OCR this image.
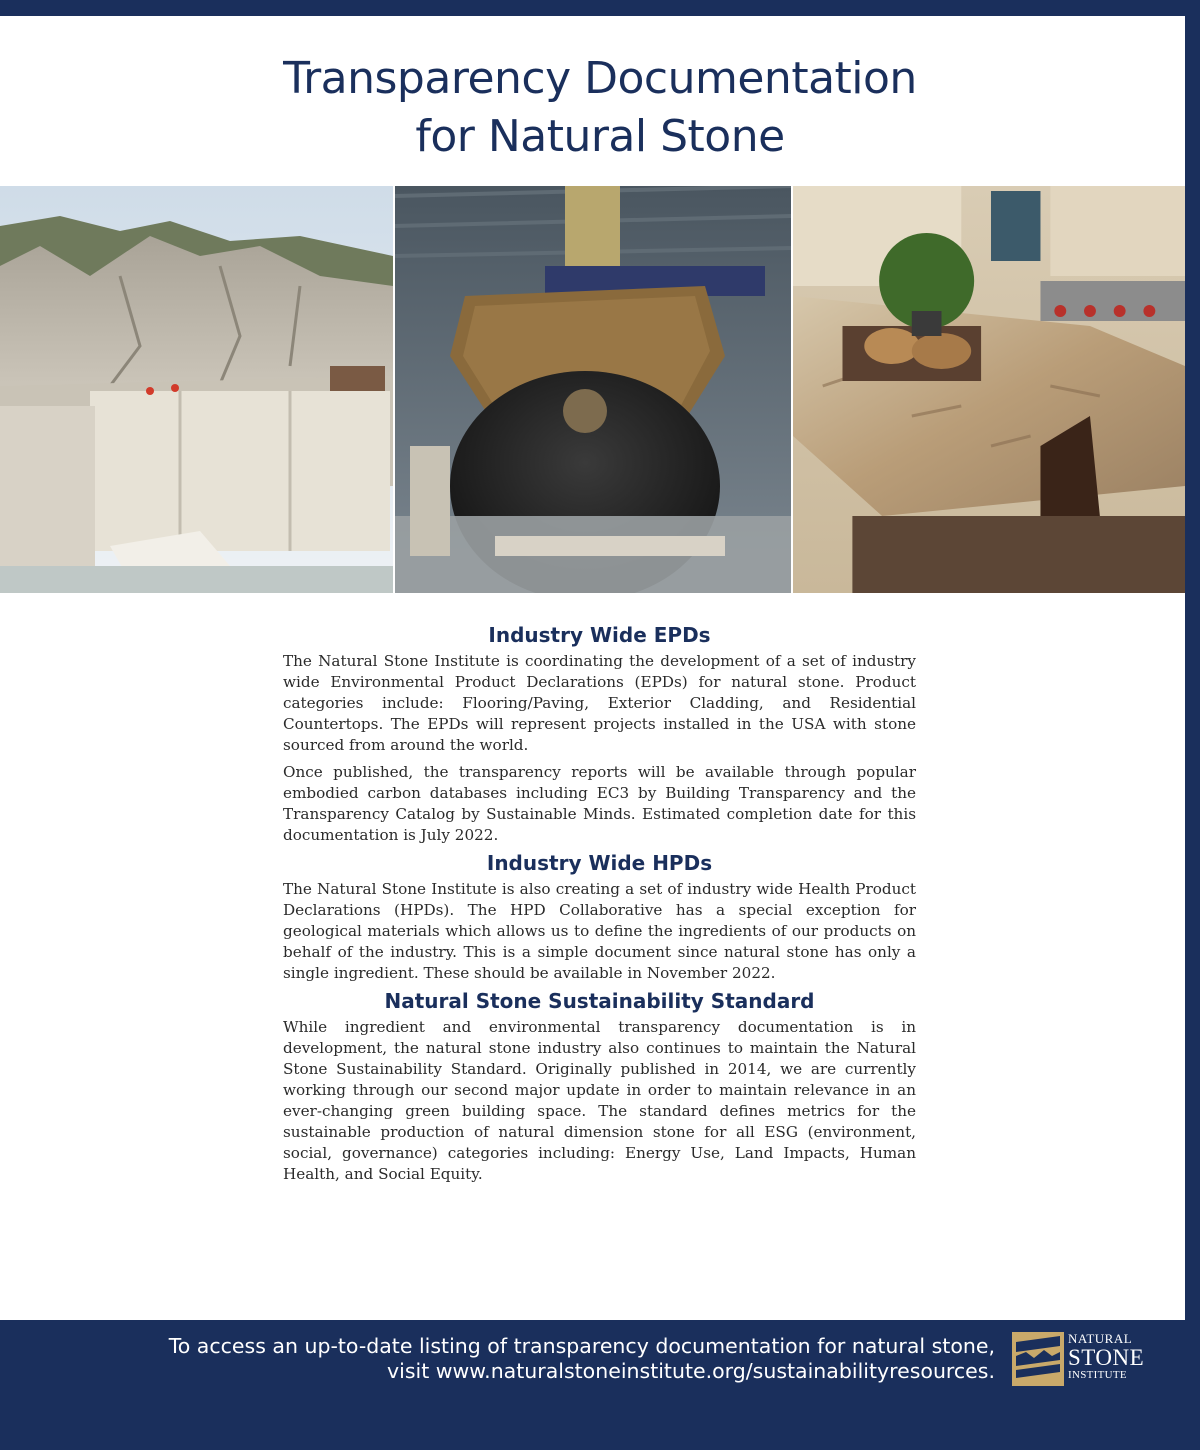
Transparency Documentation
for Natural Stone
Industry Wide EPDs

The Natural Stone Institute is coordinating the development of a set of industry wide Environmental Product Declarations (EPDs) for natural stone. Product categories include: Flooring/Paving, Exterior Cladding, and Residential Countertops. The EPDs will represent projects installed in the USA with stone sourced from around the world.

Once published, the transparency reports will be available through popular embodied carbon databases including EC3 by Building Transparency and the Transparency Catalog by Sustainable Minds. Estimated completion date for this documentation is July 2022.

Industry Wide HPDs

The Natural Stone Institute is also creating a set of industry wide Health Product Declarations (HPDs). The HPD Collaborative has a special exception for geological materials which allows us to define the ingredients of our products on behalf of the industry. This is a simple document since natural stone has only a single ingredient. These should be available in November 2022.

Natural Stone Sustainability Standard

While ingredient and environmental transparency documentation is in development, the natural stone industry also continues to maintain the Natural Stone Sustainability Standard. Originally published in 2014, we are currently working through our second major update in order to maintain relevance in an ever-changing green building space. The standard defines metrics for the sustainable production of natural dimension stone for all ESG (environment, social, governance) categories including: Energy Use, Land Impacts, Human Health, and Social Equity.

To access an up-to-date listing of transparency documentation for natural stone,
visit www.naturalstoneinstitute.org/sustainabilityresources.
NATURAL
STONE
INSTITUTE
